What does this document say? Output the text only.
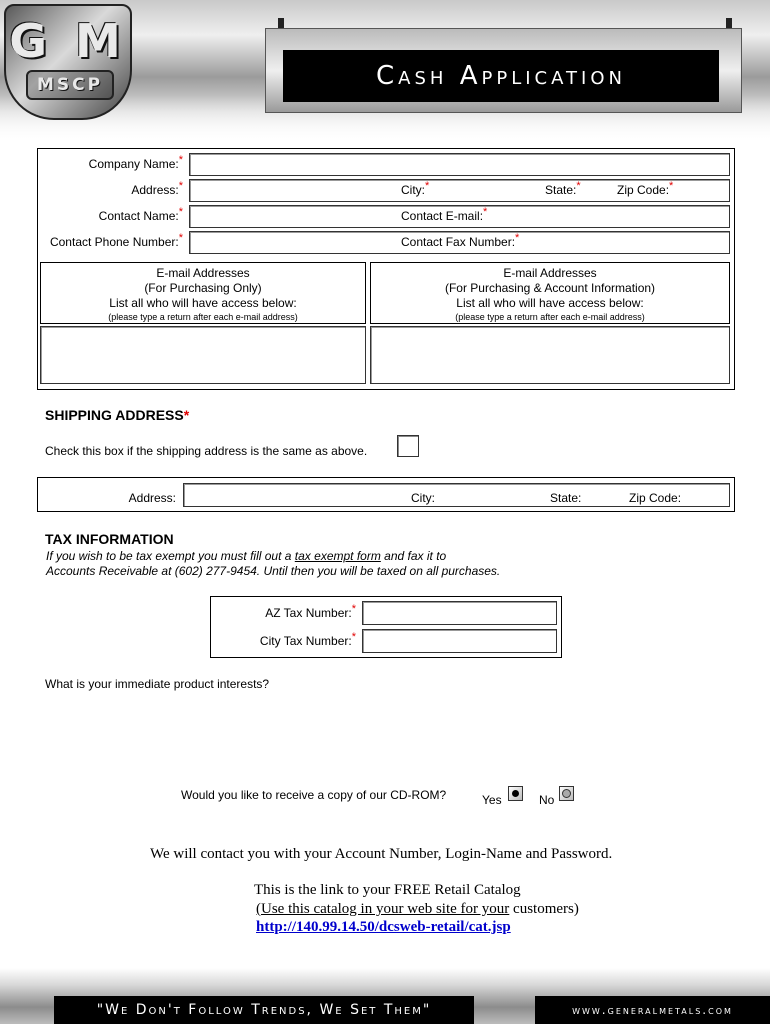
G M
MSCP	Cash Application
Company Name:*
Address:*	City:*	State:*	Zip Code:*
Contact Name:*	Contact E-mail:*
Contact Phone Number:*	Contact Fax Number:*
E-mail Addresses
(For Purchasing Only)
List all who will have access below:
(please type a return after each e-mail address)
E-mail Addresses
(For Purchasing & Account Information)
List all who will have access below:
(please type a return after each e-mail address)
SHIPPING ADDRESS*
Check this box if the shipping address is the same as above.
Address:	City:	State:	Zip Code:
TAX INFORMATION
If you wish to be tax exempt you must fill out a tax exempt form and fax it to
Accounts Receivable at (602) 277-9454. Until then you will be taxed on all purchases.
AZ Tax Number:*
City Tax Number:*
What is your immediate product interests?
Would you like to receive a copy of our CD-ROM?	Yes	No
We will contact you with your Account Number, Login-Name and Password.
This is the link to your FREE Retail Catalog
(Use this catalog in your web site for your customers)
http://140.99.14.50/dcsweb-retail/cat.jsp
"We Don't Follow Trends, We Set Them"	www.generalmetals.com
